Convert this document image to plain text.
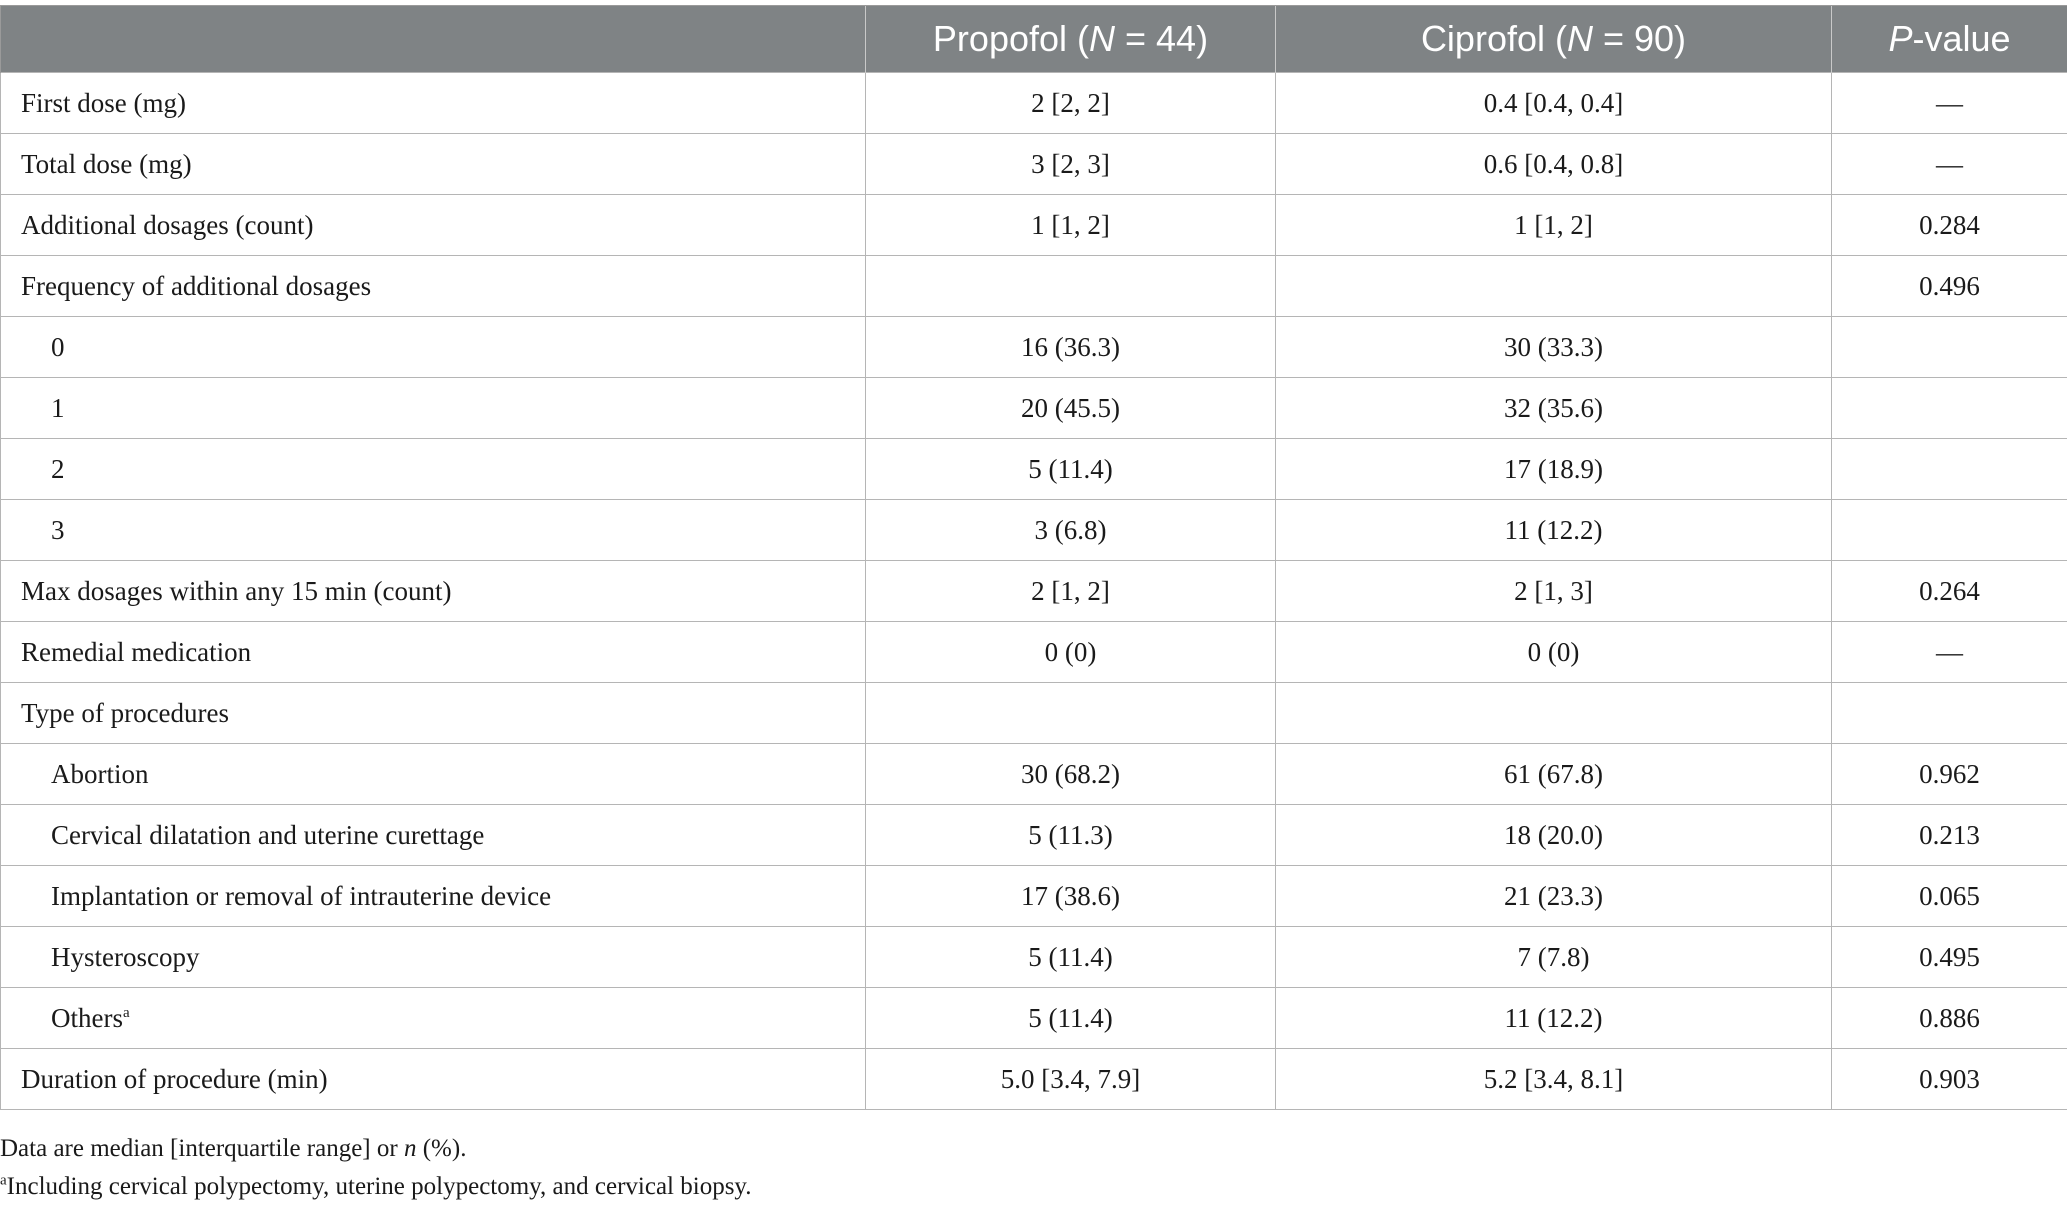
	Propofol (N = 44)	Ciprofol (N = 90)	P-value
First dose (mg)	2 [2, 2]	0.4 [0.4, 0.4]	—
Total dose (mg)	3 [2, 3]	0.6 [0.4, 0.8]	—
Additional dosages (count)	1 [1, 2]	1 [1, 2]	0.284
Frequency of additional dosages			0.496
0	16 (36.3)	30 (33.3)	
1	20 (45.5)	32 (35.6)	
2	5 (11.4)	17 (18.9)	
3	3 (6.8)	11 (12.2)	
Max dosages within any 15 min (count)	2 [1, 2]	2 [1, 3]	0.264
Remedial medication	0 (0)	0 (0)	—
Type of procedures			
Abortion	30 (68.2)	61 (67.8)	0.962
Cervical dilatation and uterine curettage	5 (11.3)	18 (20.0)	0.213
Implantation or removal of intrauterine device	17 (38.6)	21 (23.3)	0.065
Hysteroscopy	5 (11.4)	7 (7.8)	0.495
Others$^a$	5 (11.4)	11 (12.2)	0.886
Duration of procedure (min)	5.0 [3.4, 7.9]	5.2 [3.4, 8.1]	0.903
Data are median [interquartile range] or n (%).
$^a$Including cervical polypectomy, uterine polypectomy, and cervical biopsy.
